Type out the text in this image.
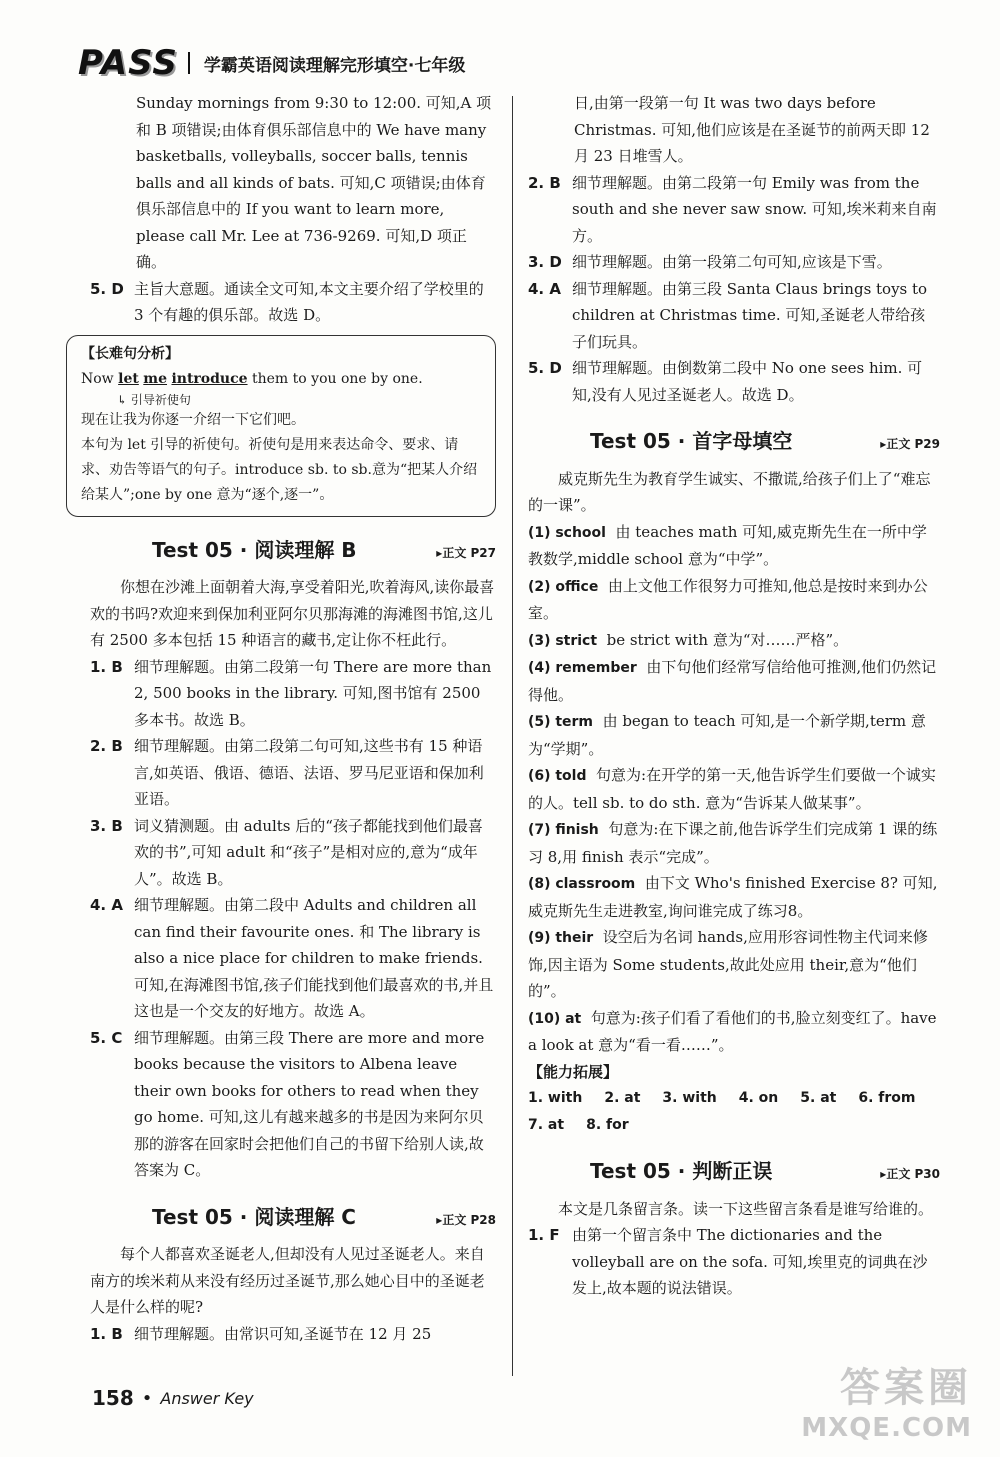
PASS 学霸英语阅读理解完形填空·七年级

Sunday mornings from 9:30 to 12:00. 可知,A 项和 B 项错误;由体育俱乐部信息中的 We have many basketballs, volleyballs, soccer balls, tennis balls and all kinds of bats. 可知,C 项错误;由体育俱乐部信息中的 If you want to learn more, please call Mr. Lee at 736-9269. 可知,D 项正确。

5. D 主旨大意题。通读全文可知,本文主要介绍了学校里的 3 个有趣的俱乐部。故选 D。
【长难句分析】
Now let me introduce them to you one by one.
↳ 引导祈使句
现在让我为你逐一介绍一下它们吧。
本句为 let 引导的祈使句。祈使句是用来表达命令、要求、请求、劝告等语气的句子。introduce sb. to sb.意为“把某人介绍给某人”;one by one 意为“逐个,逐一”。
Test 05 · 阅读理解 B	▸正文 P27

你想在沙滩上面朝着大海,享受着阳光,吹着海风,读你最喜欢的书吗?欢迎来到保加利亚阿尔贝那海滩的海滩图书馆,这儿有 2500 多本包括 15 种语言的藏书,定让你不枉此行。

1. B 细节理解题。由第二段第一句 There are more than 2, 500 books in the library. 可知,图书馆有 2500 多本书。故选 B。
2. B 细节理解题。由第二段第二句可知,这些书有 15 种语言,如英语、俄语、德语、法语、罗马尼亚语和保加利亚语。
3. B 词义猜测题。由 adults 后的“孩子都能找到他们最喜欢的书”,可知 adult 和“孩子”是相对应的,意为“成年人”。故选 B。
4. A 细节理解题。由第二段中 Adults and children all can find their favourite ones. 和 The library is also a nice place for children to make friends. 可知,在海滩图书馆,孩子们能找到他们最喜欢的书,并且这也是一个交友的好地方。故选 A。
5. C 细节理解题。由第三段 There are more and more books because the visitors to Albena leave their own books for others to read when they go home. 可知,这儿有越来越多的书是因为来阿尔贝那的游客在回家时会把他们自己的书留下给别人读,故答案为 C。
Test 05 · 阅读理解 C	▸正文 P28

每个人都喜欢圣诞老人,但却没有人见过圣诞老人。来自南方的埃米莉从来没有经历过圣诞节,那么她心目中的圣诞老人是什么样的呢?

1. B 细节理解题。由常识可知,圣诞节在 12 月 25

日,由第一段第一句 It was two days before Christmas. 可知,他们应该是在圣诞节的前两天即 12 月 23 日堆雪人。

2. B 细节理解题。由第二段第一句 Emily was from the south and she never saw snow. 可知,埃米莉来自南方。
3. D 细节理解题。由第一段第二句可知,应该是下雪。
4. A 细节理解题。由第三段 Santa Claus brings toys to children at Christmas time. 可知,圣诞老人带给孩子们玩具。
5. D 细节理解题。由倒数第二段中 No one sees him. 可知,没有人见过圣诞老人。故选 D。
Test 05 · 首字母填空	▸正文 P29

威克斯先生为教育学生诚实、不撒谎,给孩子们上了“难忘的一课”。

(1) school 由 teaches math 可知,威克斯先生在一所中学教数学,middle school 意为“中学”。
(2) office 由上文他工作很努力可推知,他总是按时来到办公室。
(3) strict be strict with 意为“对……严格”。
(4) remember 由下句他们经常写信给他可推测,他们仍然记得他。
(5) term 由 began to teach 可知,是一个新学期,term 意为“学期”。
(6) told 句意为:在开学的第一天,他告诉学生们要做一个诚实的人。tell sb. to do sth. 意为“告诉某人做某事”。
(7) finish 句意为:在下课之前,他告诉学生们完成第 1 课的练习 8,用 finish 表示“完成”。
(8) classroom 由下文 Who's finished Exercise 8? 可知,威克斯先生走进教室,询问谁完成了练习8。
(9) their 设空后为名词 hands,应用形容词性物主代词来修饰,因主语为 Some students,故此处应用 their,意为“他们的”。
(10) at 句意为:孩子们看了看他们的书,脸立刻变红了。have a look at 意为“看一看……”。
【能力拓展】
1. with 2. at 3. with 4. on 5. at 6. from
7. at 8. for
Test 05 · 判断正误	▸正文 P30

本文是几条留言条。读一下这些留言条看是谁写给谁的。

1. F 由第一个留言条中 The dictionaries and the volleyball are on the sofa. 可知,埃里克的词典在沙发上,故本题的说法错误。
158 • Answer Key	答案圈
MXQE.COM
